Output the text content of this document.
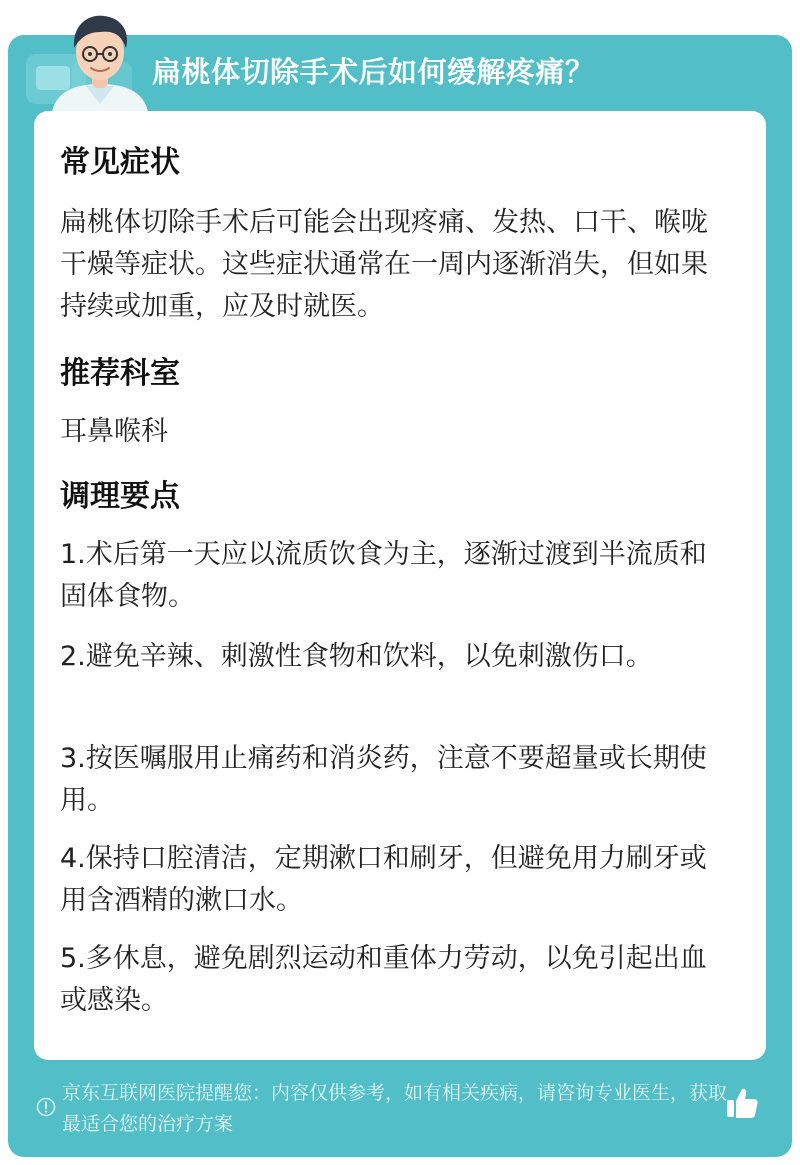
扁桃体切除手术后如何缓解疼痛？
常见症状
扁桃体切除手术后可能会出现疼痛、发热、口干、喉咙干燥等症状。这些症状通常在一周内逐渐消失，但如果持续或加重，应及时就医。
推荐科室
耳鼻喉科
调理要点
1.术后第一天应以流质饮食为主，逐渐过渡到半流质和固体食物。
2.避免辛辣、刺激性食物和饮料，以免刺激伤口。
3.按医嘱服用止痛药和消炎药，注意不要超量或长期使用。
4.保持口腔清洁，定期漱口和刷牙，但避免用力刷牙或用含酒精的漱口水。
5.多休息，避免剧烈运动和重体力劳动，以免引起出血或感染。
京东互联网医院提醒您：内容仅供参考，如有相关疾病，请咨询专业医生，获取最适合您的治疗方案
